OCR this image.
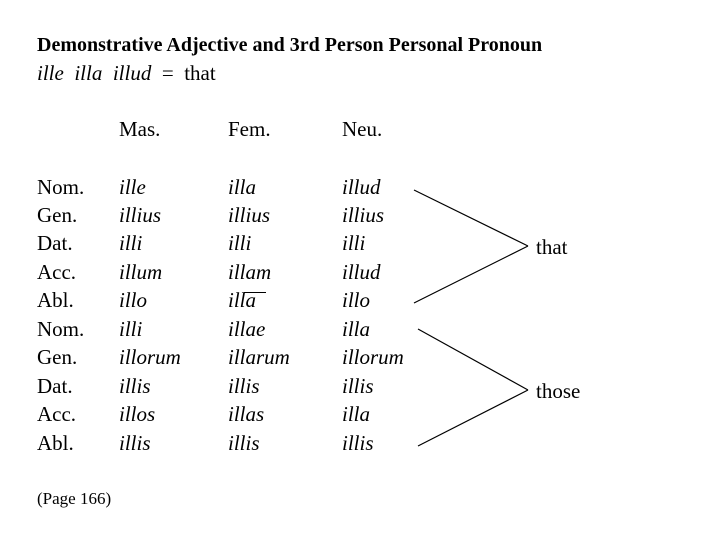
Demonstrative Adjective and 3rd Person Personal Pronoun
ille  illa  illud = that
Mas.	Fem.	Neu.
Nom.
Gen.
Dat.
Acc.
Abl.
Nom.
Gen.
Dat.
Acc.
Abl.
ille
illius
illi
illum
illo
illi
illorum
illis
illos
illis
illa
illius
illi
illam
illa
illae
illarum
illis
illas
illis
illud
illius
illi
illud
illo
illa
illorum
illis
illa
illis
that
those
(Page 166)
